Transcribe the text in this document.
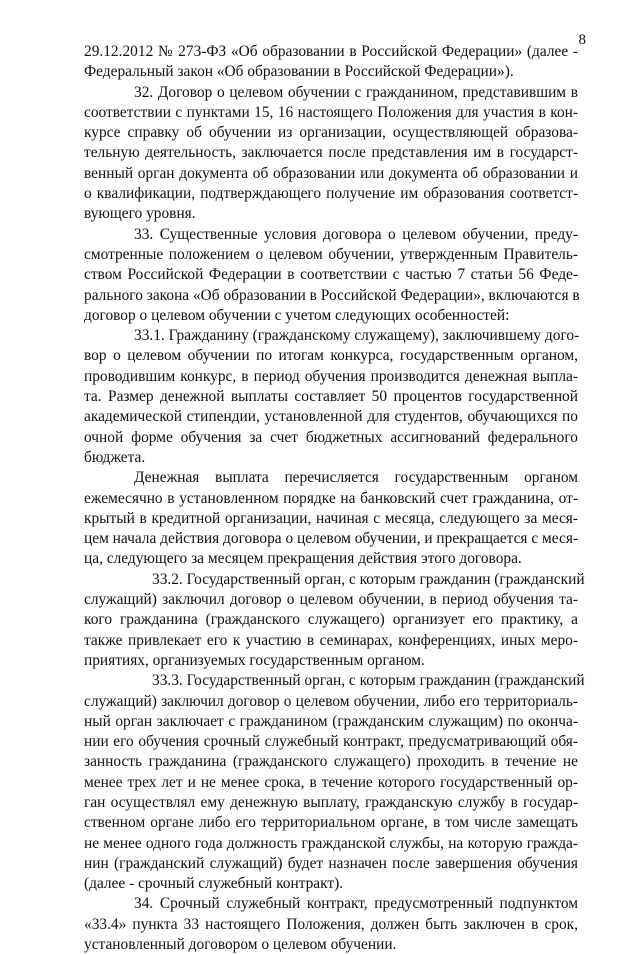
8
29.12.2012 № 273-ФЗ «Об образовании в Российской Федерации» (далее -
Федеральный закон «Об образовании в Российской Федерации»).
32. Договор о целевом обучении с гражданином, представившим в
соответствии с пунктами 15, 16 настоящего Положения для участия в кон-
курсе справку об обучении из организации, осуществляющей образова-
тельную деятельность, заключается после представления им в государст-
венный орган документа об образовании или документа об образовании и
о квалификации, подтверждающего получение им образования соответст-
вующего уровня.
33. Существенные условия договора о целевом обучении, преду-
смотренные положением о целевом обучении, утвержденным Правитель-
ством Российской Федерации в соответствии с частью 7 статьи 56 Феде-
рального закона «Об образовании в Российской Федерации», включаются в
договор о целевом обучении с учетом следующих особенностей:
33.1. Гражданину (гражданскому служащему), заключившему дого-
вор о целевом обучении по итогам конкурса, государственным органом,
проводившим конкурс, в период обучения производится денежная выпла-
та. Размер денежной выплаты составляет 50 процентов государственной
академической стипендии, установленной для студентов, обучающихся по
очной форме обучения за счет бюджетных ассигнований федерального
бюджета.
Денежная выплата перечисляется государственным органом
ежемесячно в установленном порядке на банковский счет гражданина, от-
крытый в кредитной организации, начиная с месяца, следующего за меся-
цем начала действия договора о целевом обучении, и прекращается с меся-
ца, следующего за месяцем прекращения действия этого договора.
33.2. Государственный орган, с которым гражданин (гражданский
служащий) заключил договор о целевом обучении, в период обучения та-
кого гражданина (гражданского служащего) организует его практику, а
также привлекает его к участию в семинарах, конференциях, иных меро-
приятиях, организуемых государственным органом.
33.3. Государственный орган, с которым гражданин (гражданский
служащий) заключил договор о целевом обучении, либо его территориаль-
ный орган заключает с гражданином (гражданским служащим) по оконча-
нии его обучения срочный служебный контракт, предусматривающий обя-
занность гражданина (гражданского служащего) проходить в течение не
менее трех лет и не менее срока, в течение которого государственный ор-
ган осуществлял ему денежную выплату, гражданскую службу в государ-
ственном органе либо его территориальном органе, в том числе замещать
не менее одного года должность гражданской службы, на которую гражда-
нин (гражданский служащий) будет назначен после завершения обучения
(далее - срочный служебный контракт).
34. Срочный служебный контракт, предусмотренный подпунктом
«33.4» пункта 33 настоящего Положения, должен быть заключен в срок,
установленный договором о целевом обучении.
